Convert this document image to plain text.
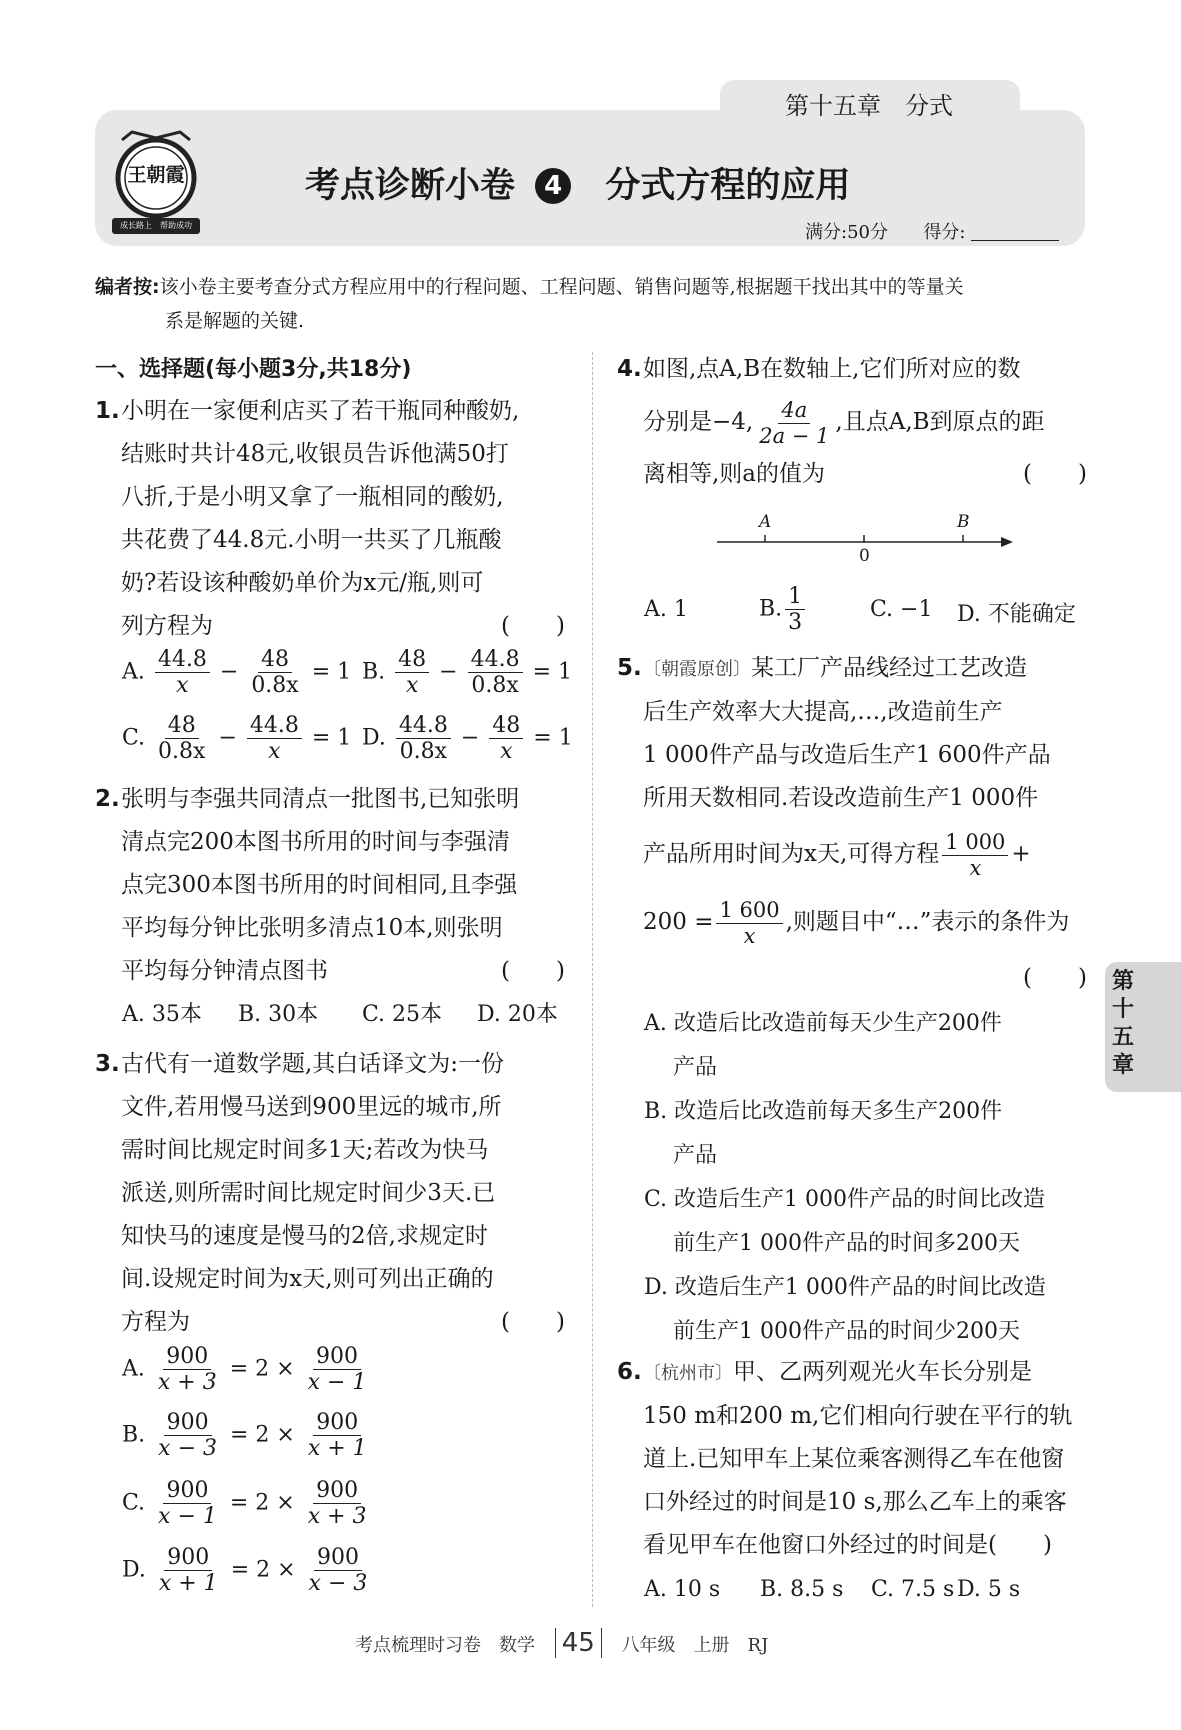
第十五章　分式
王朝霞
成长路上　帮助成功
考点诊断小卷 4 分式方程的应用
满分:50分 得分:
编者按:该小卷主要考查分式方程应用中的行程问题、工程问题、销售问题等,根据题干找出其中的等量关
系是解题的关键.
一、选择题(每小题3分,共18分)
1. 小明在一家便利店买了若干瓶同种酸奶,
结账时共计48元,收银员告诉他满50打
八折,于是小明又拿了一瓶相同的酸奶,
共花费了44.8元.小明一共买了几瓶酸
奶?若设该种酸奶单价为x元/瓶,则可
列方程为	(　　)
A. $\frac{44.8}{x} - \frac{48}{0.8x} = 1$ B. $\frac{48}{x} - \frac{44.8}{0.8x} = 1$
C. $\frac{48}{0.8x} - \frac{44.8}{x} = 1$ D. $\frac{44.8}{0.8x} - \frac{48}{x} = 1$
2. 张明与李强共同清点一批图书,已知张明
清点完200本图书所用的时间与李强清
点完300本图书所用的时间相同,且李强
平均每分钟比张明多清点10本,则张明
平均每分钟清点图书	(　　)
A. 35本 B. 30本 C. 25本 D. 20本
3. 古代有一道数学题,其白话译文为:一份
文件,若用慢马送到900里远的城市,所
需时间比规定时间多1天;若改为快马
派送,则所需时间比规定时间少3天.已
知快马的速度是慢马的2倍,求规定时
间.设规定时间为x天,则可列出正确的
方程为	(　　)
A. $\frac{900}{x + 3} = 2 \times \frac{900}{x - 1}$
B. $\frac{900}{x - 3} = 2 \times \frac{900}{x + 1}$
C. $\frac{900}{x - 1} = 2 \times \frac{900}{x + 3}$
D. $\frac{900}{x + 1} = 2 \times \frac{900}{x - 3}$
4. 如图,点A,B在数轴上,它们所对应的数
分别是−4, $\frac{4a}{2a - 1}$ ,且点A,B到原点的距
离相等,则a的值为	(　　)
A	B
0
A. 1	B. $\frac{1}{3}$	C. −1 D. 不能确定
5. 〔朝霞原创〕某工厂产品线经过工艺改造
后生产效率大大提高,…,改造前生产
1 000件产品与改造后生产1 600件产品
所用天数相同.若设改造前生产1 000件
产品所用时间为x天,可得方程 $\frac{1 000}{x}$ +
$200 = \frac{1 600}{x}$ ,则题目中“…”表示的条件为
(　　)
A. 改造后比改造前每天少生产200件
产品
B. 改造后比改造前每天多生产200件
产品
C. 改造后生产1 000件产品的时间比改造
前生产1 000件产品的时间多200天
D. 改造后生产1 000件产品的时间比改造
前生产1 000件产品的时间少200天
6. 〔杭州市〕甲、乙两列观光火车长分别是
150 m和200 m,它们相向行驶在平行的轨
道上.已知甲车上某位乘客测得乙车在他窗
口外经过的时间是10 s,那么乙车上的乘客
看见甲车在他窗口外经过的时间是(　　)
A. 10 s B. 8.5 s C. 7.5 s D. 5 s
第十五章
考点梳理时习卷　数学 45 八年级　上册　RJ
